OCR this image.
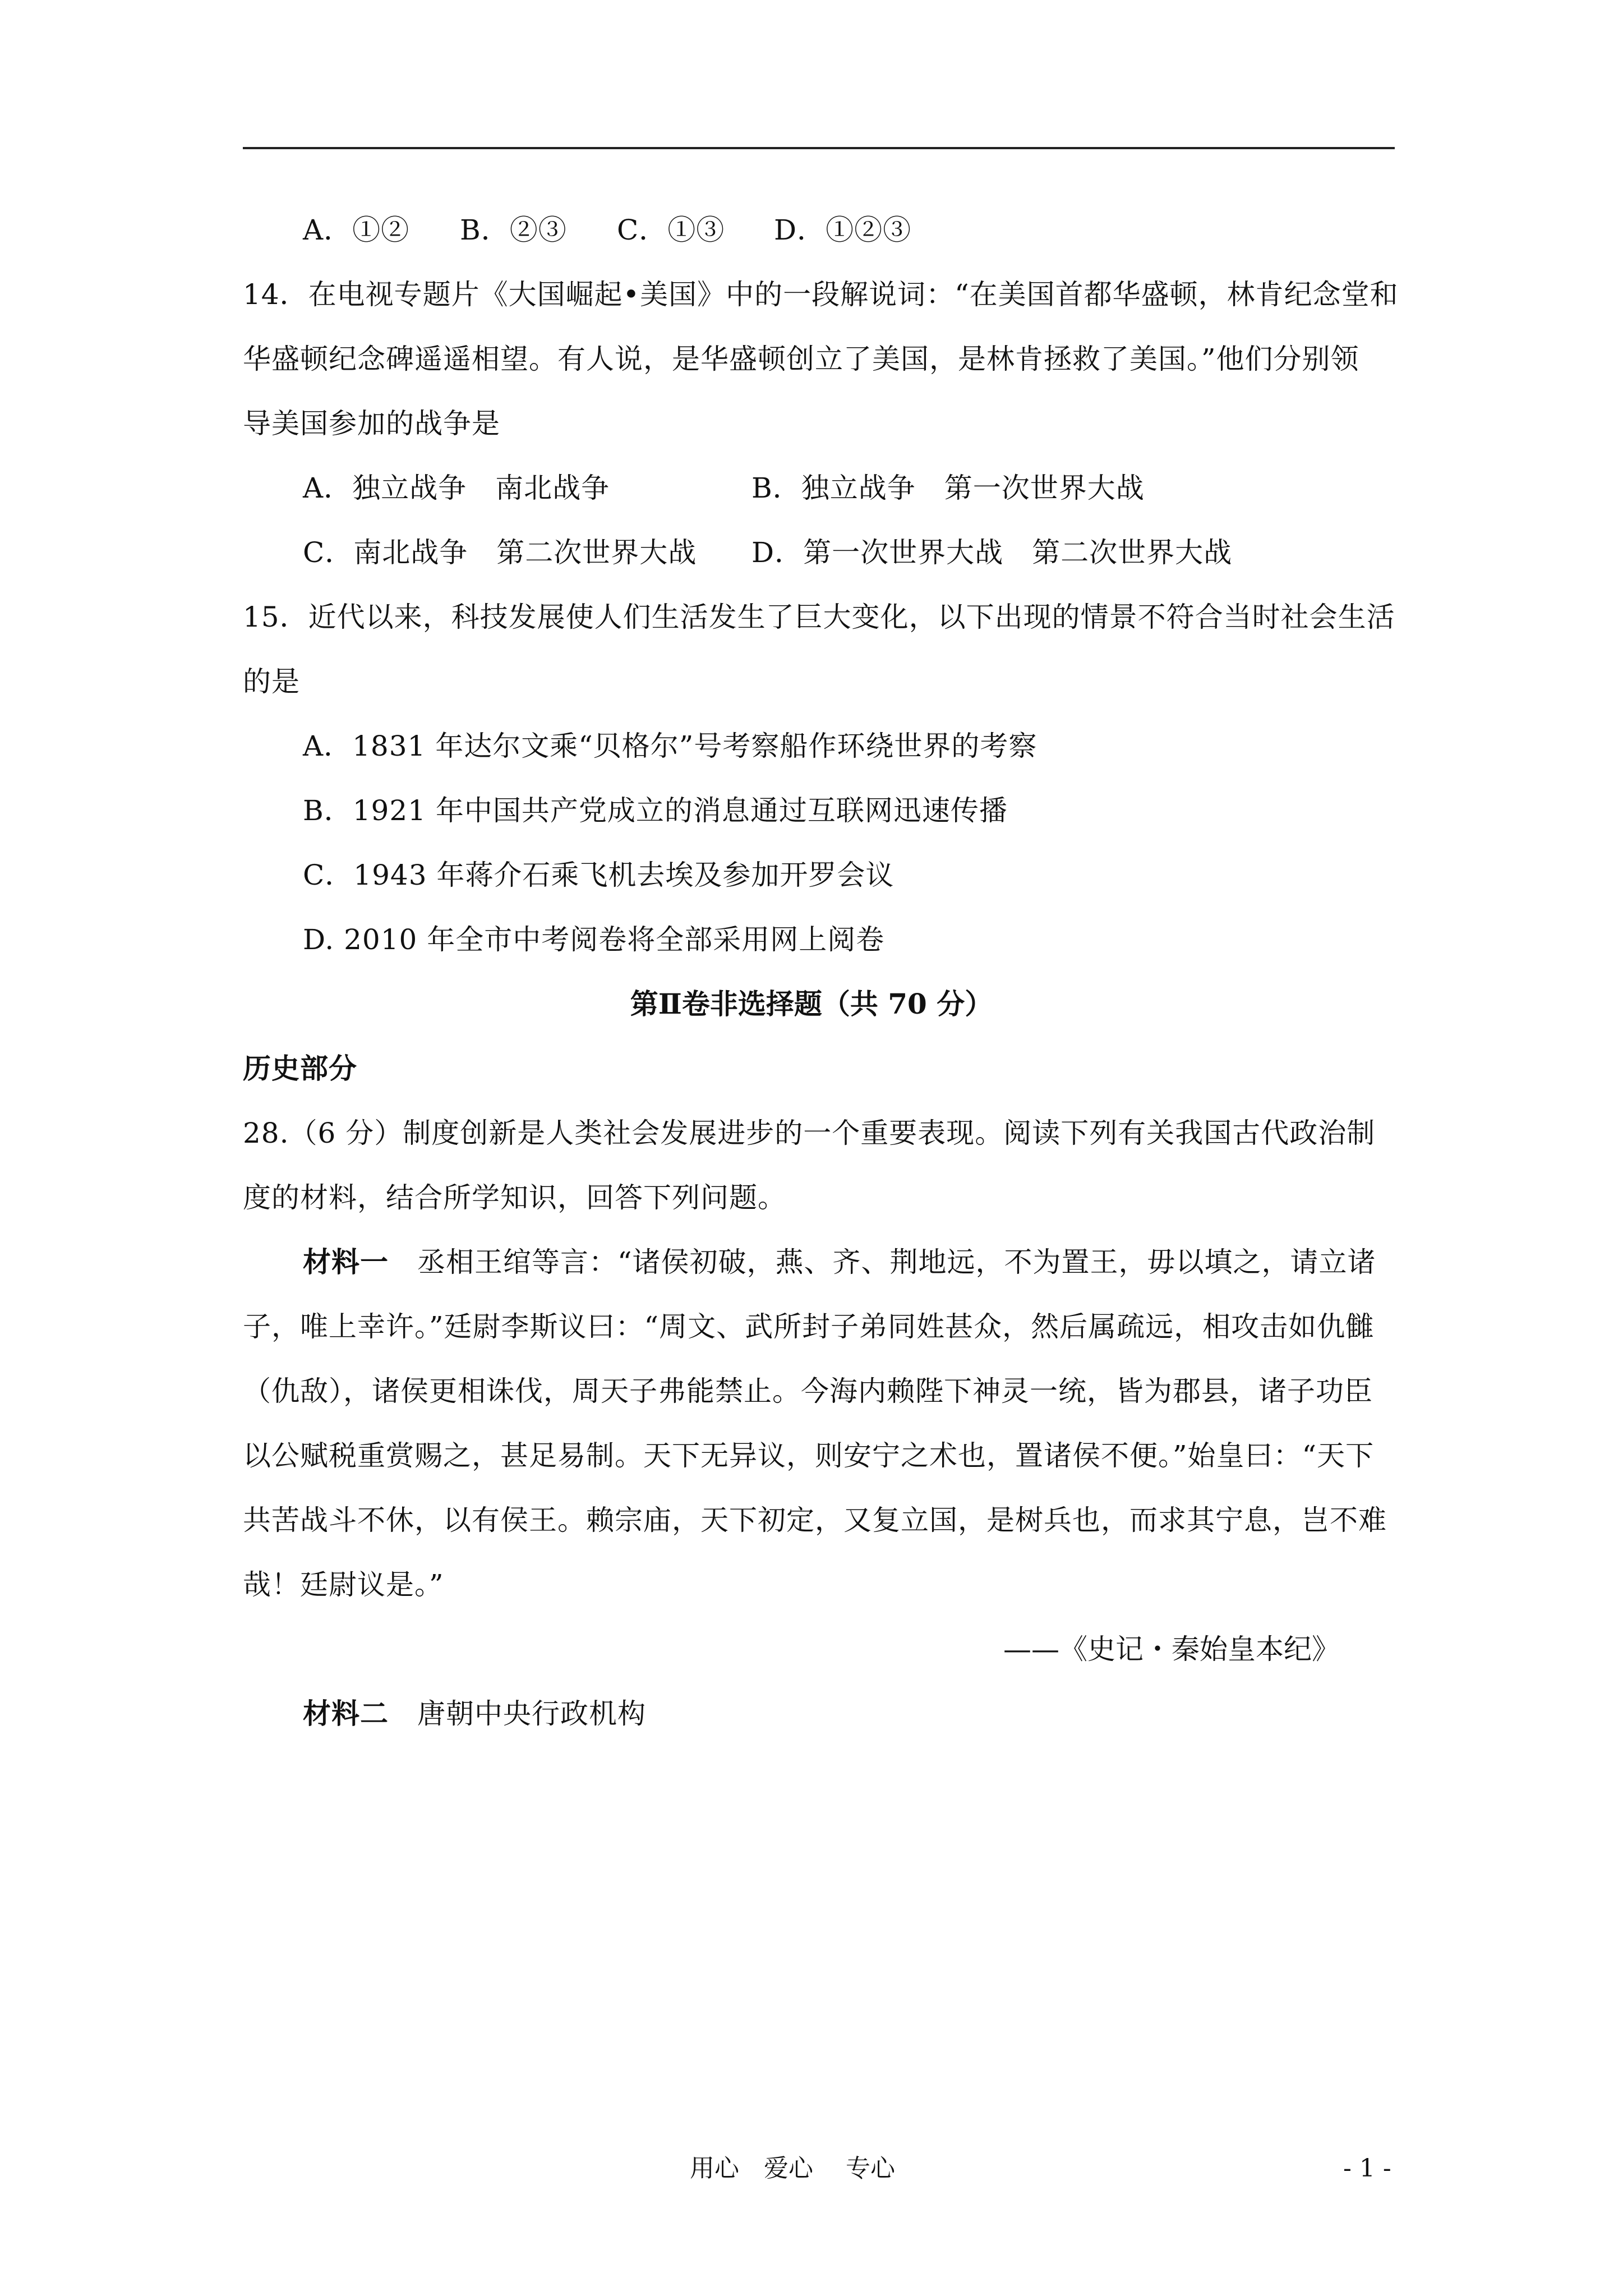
A．①② B．②③ C．①③ D．①②③
14．在电视专题片《大国崛起•美国》中的一段解说词：“在美国首都华盛顿，林肯纪念堂和
华盛顿纪念碑遥遥相望。有人说，是华盛顿创立了美国，是林肯拯救了美国。”他们分别领
导美国参加的战争是
A．独立战争　南北战争	B．独立战争　第一次世界大战
C．南北战争　第二次世界大战 D．第一次世界大战　第二次世界大战
15．近代以来，科技发展使人们生活发生了巨大变化，以下出现的情景不符合当时社会生活
的是
A．1831 年达尔文乘“贝格尔”号考察船作环绕世界的考察
B．1921 年中国共产党成立的消息通过互联网迅速传播
C．1943 年蒋介石乘飞机去埃及参加开罗会议
D. 2010 年全市中考阅卷将全部采用网上阅卷
第Ⅱ卷非选择题（共 70 分）
历史部分
28.（6 分）制度创新是人类社会发展进步的一个重要表现。阅读下列有关我国古代政治制
度的材料，结合所学知识，回答下列问题。
材料一　丞相王绾等言：“诸侯初破，燕、齐、荆地远，不为置王，毋以填之，请立诸
子，唯上幸许。”廷尉李斯议曰：“周文、武所封子弟同姓甚众，然后属疏远，相攻击如仇雠
（仇敌），诸侯更相诛伐，周天子弗能禁止。今海内赖陛下神灵一统，皆为郡县，诸子功臣
以公赋税重赏赐之，甚足易制。天下无异议，则安宁之术也，置诸侯不便。”始皇曰：“天下
共苦战斗不休，以有侯王。赖宗庙，天下初定，又复立国，是树兵也，而求其宁息，岂不难
哉！廷尉议是。”
——《史记・秦始皇本纪》
材料二　唐朝中央行政机构
用心　爱心　 专心	- 1 -
